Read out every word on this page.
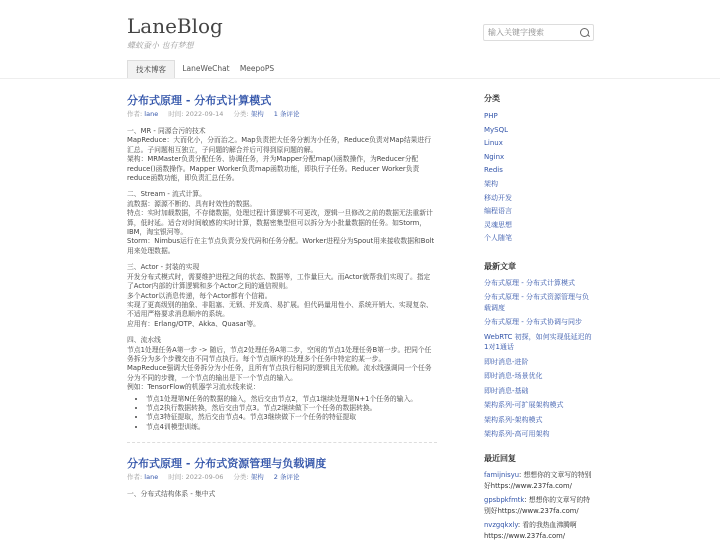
LaneBlog
蝶蚁蚕小 也有梦想
输入关键字搜索
技术博客	LaneWeChat	MeepoPS
分布式原理 - 分布式计算模式
作者: lane 时间: 2022-09-14 分类: 架构 1 条评论

一、MR - 同源合污的技术
MapReduce：大而化小，分而治之。Map负责把大任务分割为小任务，Reduce负责对Map结果进行汇总。子问题相互独立，子问题的解合并后可得到原问题的解。
架构：MRMaster负责分配任务、协调任务，并为Mapper分配map()函数操作，为Reducer分配reduce()函数操作。Mapper Worker负责map函数功能，即执行子任务。Reducer Worker负责reduce函数功能，即负责汇总任务。

二、Stream - 流式计算。
流数据：源源不断的、具有时效性的数据。
特点：实时加载数据，不存储数据，处理过程计算逻辑不可更改，逻辑一旦修改之前的数据无法重新计算，低时延。适合对时间敏感的实时计算，数据密集型但可以拆分为小批量数据的任务。如Storm，IBM，淘宝银河等。
Storm：Nimbus运行在主节点负责分发代码和任务分配。Worker进程分为Spout用来接收数据和Bolt用来处理数据。

三、Actor - 封装的实现
开发分布式模式时，需要维护进程之间的状态、数据等，工作量巨大。而Actor就帮我们实现了。指定了Actor内部的计算逻辑和多个Actor之间的通信规则。
多个Actor以消息传递，每个Actor都有个信箱。
实现了更高级别的抽象、非阻塞、无锁、并发高、易扩展。但代码量用性小、系统开销大、实现复杂、不适用严格要求消息顺序的系统。
应用有：Erlang/OTP、Akka、Quasar等。

四、流水线
节点1处理任务A第一步 -> 随后，节点2处理任务A第二步，空闲的节点1处理任务B第一步。把同个任务拆分为多个步骤交由不同节点执行。每个节点顺序的处理多个任务中特定的某一步。
MapReduce强调大任务拆分为小任务，且所有节点执行相同的逻辑且无依赖。流水线强调同一个任务分为不同的步骤，一个节点的输出是下一个节点的输入。
例如：TensorFlow的机器学习流水线来说：

• 节点1处理第N任务的数据的输入，然后交由节点2，节点1继续处理第N+1个任务的输入。
• 节点2执行数据转换，然后交由节点3。节点2继续做下一个任务的数据转换。
• 节点3特征提取，然后交由节点4。节点3继续做下一个任务的特征提取
• 节点4训模型训练。
分布式原理 - 分布式资源管理与负载调度
作者: lane 时间: 2022-09-06 分类: 架构 2 条评论
一、分布式结构体系 - 集中式
分类
PHP
MySQL
Linux
Nginx
Redis
架构
移动开发
编程语言
灵魂思想
个人随笔
最新文章
分布式原理 - 分布式计算模式
分布式原理 - 分布式资源管理与负载调度
分布式原理 - 分布式协调与同步
WebRTC 初探，如何实现低延迟的1对1通话
即时消息-进阶
即时消息-场景优化
即时消息-基础
架构系列-可扩展架构模式
架构系列-架构模式
架构系列-高可用架构
最近回复
famijnisyu: 想想你的文章写的特别好https://www.237fa.com/
gpsbpkfmtk: 想想你的文章写的特别好https://www.237fa.com/
nvzgqkxly: 看的我热血沸腾啊https://www.237fa.com/
